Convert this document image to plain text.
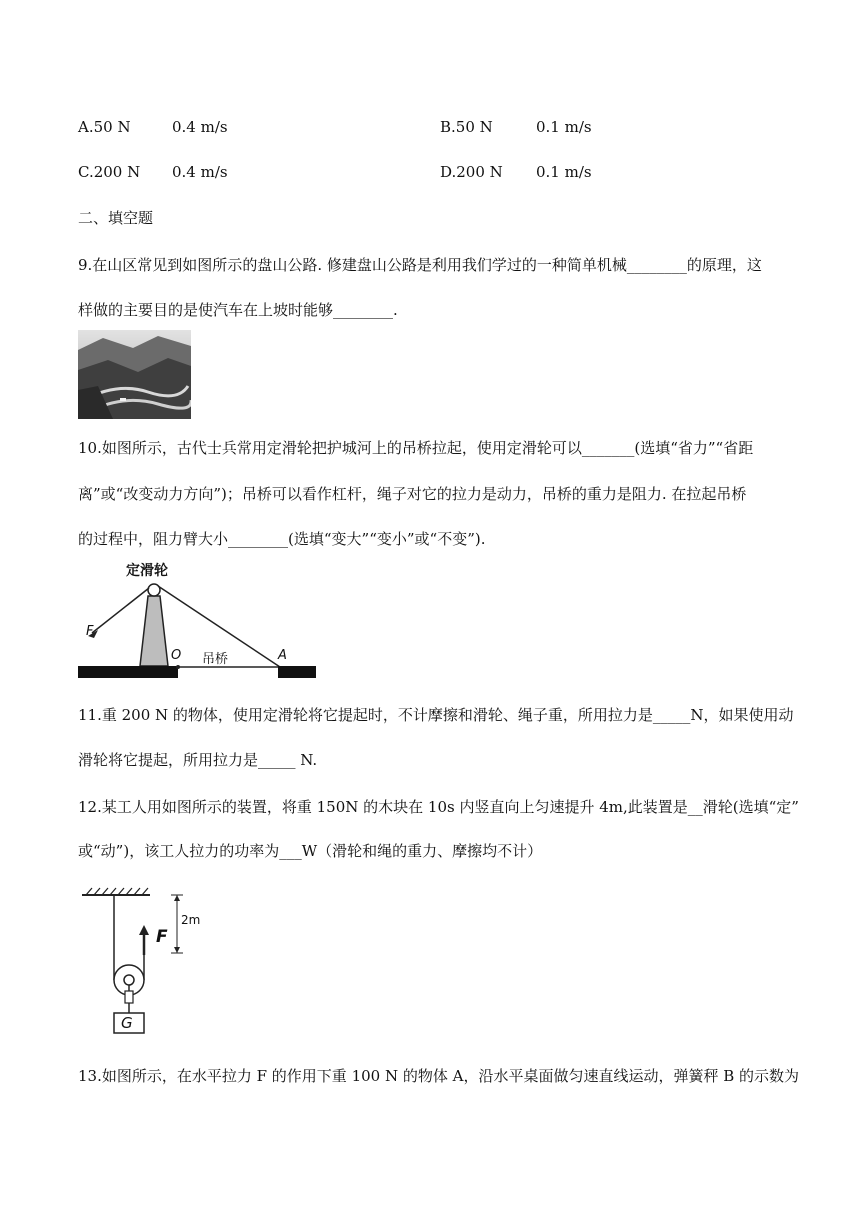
A.50 N	0.4 m/s	B.50 N	0.1 m/s
C.200 N 0.4 m/s	D.200 N 0.1 m/s
二、填空题
9.在山区常见到如图所示的盘山公路. 修建盘山公路是利用我们学过的一种简单机械________的原理，这
样做的主要目的是使汽车在上坡时能够________.
10.如图所示，古代士兵常用定滑轮把护城河上的吊桥拉起，使用定滑轮可以_______(选填“省力”“省距
离”或“改变动力方向”)；吊桥可以看作杠杆，绳子对它的拉力是动力，吊桥的重力是阻力. 在拉起吊桥
的过程中，阻力臂大小________(选填“变大”“变小”或“不变”).
定滑轮
F
O 吊桥	A
11.重 200 N 的物体，使用定滑轮将它提起时，不计摩擦和滑轮、绳子重，所用拉力是_____N，如果使用动
滑轮将它提起，所用拉力是_____ N.
12.某工人用如图所示的装置，将重 150N 的木块在 10s 内竖直向上匀速提升 4m,此装置是__滑轮(选填“定”
或“动”)，该工人拉力的功率为___W（滑轮和绳的重力、摩擦均不计）
F
2m
G
13.如图所示，在水平拉力 F 的作用下重 100 N 的物体 A，沿水平桌面做匀速直线运动，弹簧秤 B 的示数为
